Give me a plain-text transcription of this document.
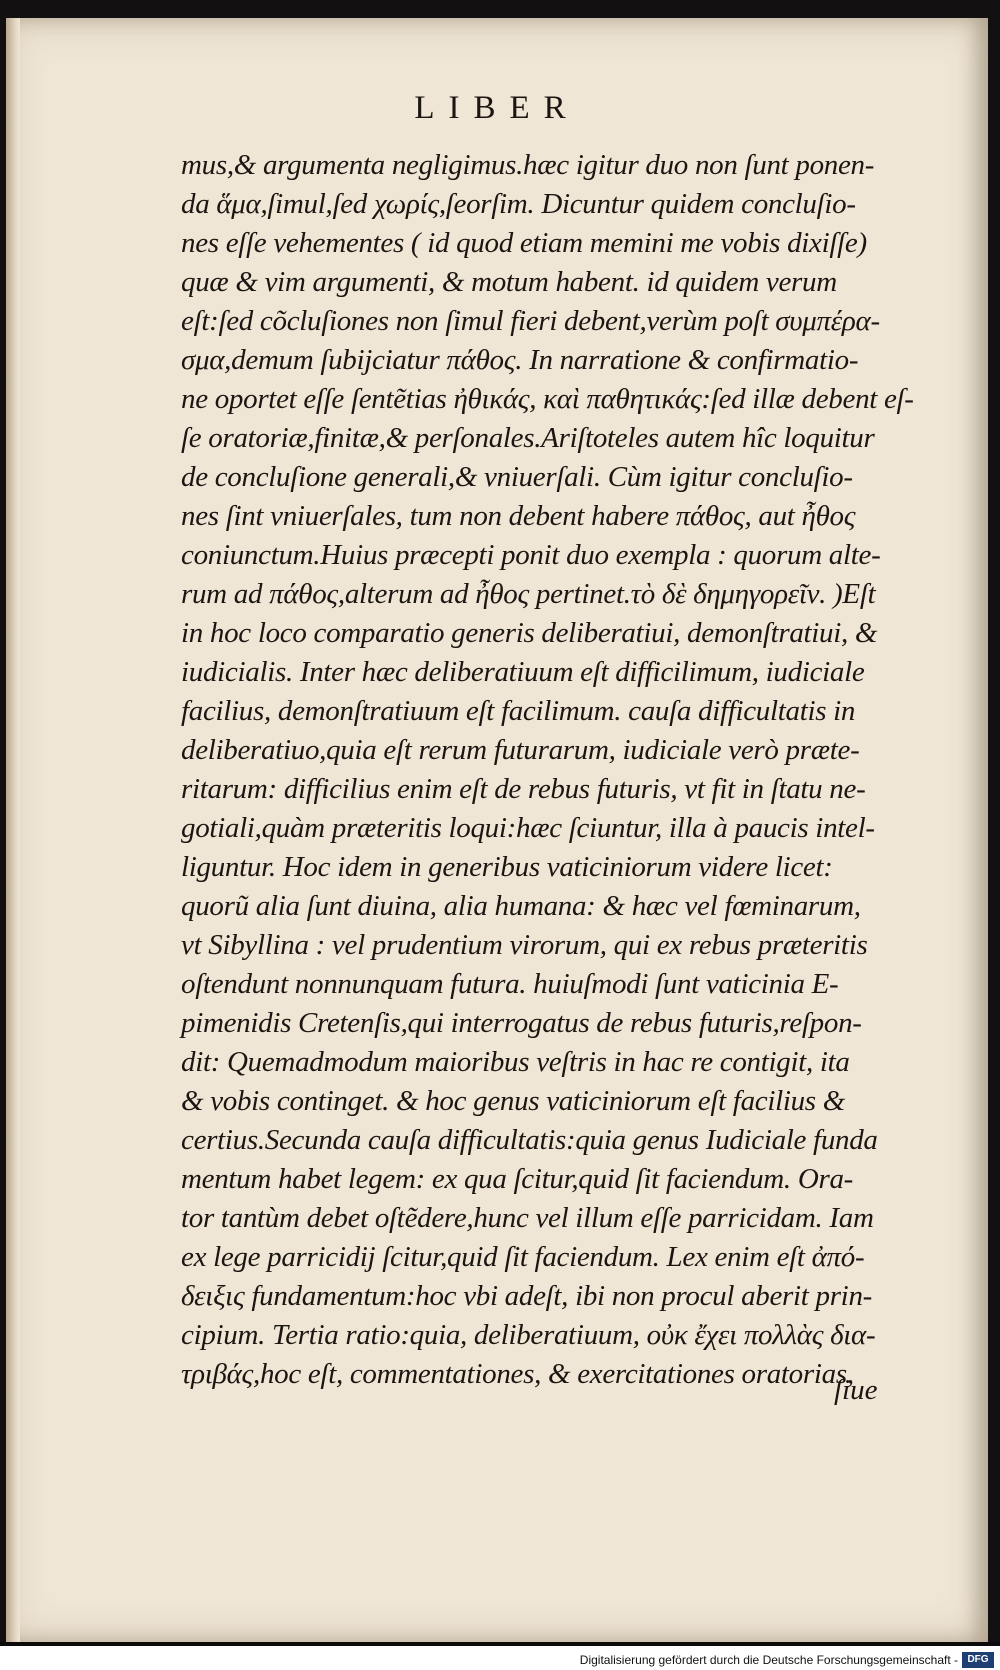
LIBER
mus,& argumenta negligimus.hæc igitur duo non ſunt ponen-
da ἅμα,ſimul,ſed χωρίς,ſeorſim. Dicuntur quidem concluſio-
nes eſſe vehementes ( id quod etiam memini me vobis dixiſſe)
quæ & vim argumenti, & motum habent. id quidem verum
eſt:ſed cõcluſiones non ſimul fieri debent,verùm poſt συμπέρα-
σμα,demum ſubijciatur πάθος. In narratione & confirmatio-
ne oportet eſſe ſentẽtias ἠθικάς, καὶ παθητικάς:ſed illæ debent eſ-
ſe oratoriæ,finitæ,& perſonales.Ariſtoteles autem hîc loquitur
de concluſione generali,& vniuerſali. Cùm igitur concluſio-
nes ſint vniuerſales, tum non debent habere πάθος, aut ἦθος
coniunctum.Huius præcepti ponit duo exempla : quorum alte-
rum ad πάθος,alterum ad ἦθος pertinet.τὸ δὲ δημηγορεῖν. )Eſt
in hoc loco comparatio generis deliberatiui, demonſtratiui, &
iudicialis. Inter hæc deliberatiuum eſt difficilimum, iudiciale
facilius, demonſtratiuum eſt facilimum. cauſa difficultatis in
deliberatiuo,quia eſt rerum futurarum, iudiciale verò præte-
ritarum: difficilius enim eſt de rebus futuris, vt fit in ſtatu ne-
gotiali,quàm præteritis loqui:hæc ſciuntur, illa à paucis intel-
liguntur. Hoc idem in generibus vaticiniorum videre licet:
quorũ alia ſunt diuina, alia humana: & hæc vel fœminarum,
vt Sibyllina : vel prudentium virorum, qui ex rebus præteritis
oſtendunt nonnunquam futura. huiuſmodi ſunt vaticinia E-
pimenidis Cretenſis,qui interrogatus de rebus futuris,reſpon-
dit: Quemadmodum maioribus veſtris in hac re contigit, ita
& vobis continget. & hoc genus vaticiniorum eſt facilius &
certius.Secunda cauſa difficultatis:quia genus Iudiciale funda
mentum habet legem: ex qua ſcitur,quid ſit faciendum. Ora-
tor tantùm debet oſtẽdere,hunc vel illum eſſe parricidam. Iam
ex lege parricidij ſcitur,quid ſit faciendum. Lex enim eſt ἀπό-
δειξις fundamentum:hoc vbi adeſt, ibi non procul aberit prin-
cipium. Tertia ratio:quia, deliberatiuum, οὐκ ἔχει πολλὰς δια-
τριβάς,hoc eſt, commentationes, & exercitationes oratorias,
ſiue
Digitalisierung gefördert durch die Deutsche Forschungsgemeinschaft - DFG
